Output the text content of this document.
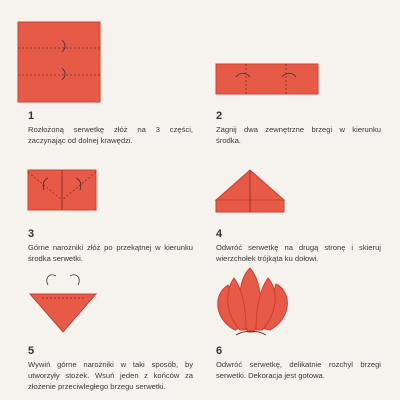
1
Rozłożoną serwetkę złóż na 3 części, zaczynając od dolnej krawędzi.
2
Zagnij dwa zewnętrzne brzegi w kierunku środka.
3
Górne narożniki złóż po przekątnej w kierunku środka serwetki.
4
Odwróć serwetkę na drugą stronę i skieruj wierzchołek trójkąta ku dołowi.
5
Wywiń górne narożniki w taki sposób, by utworzyły stożek. Wsuń jeden z końców za złożenie przeciwległego brzegu serwetki.
6
Odwróć serwetkę, delikatnie rozchyl brzegi serwetki. Dekoracja jest gotowa.
